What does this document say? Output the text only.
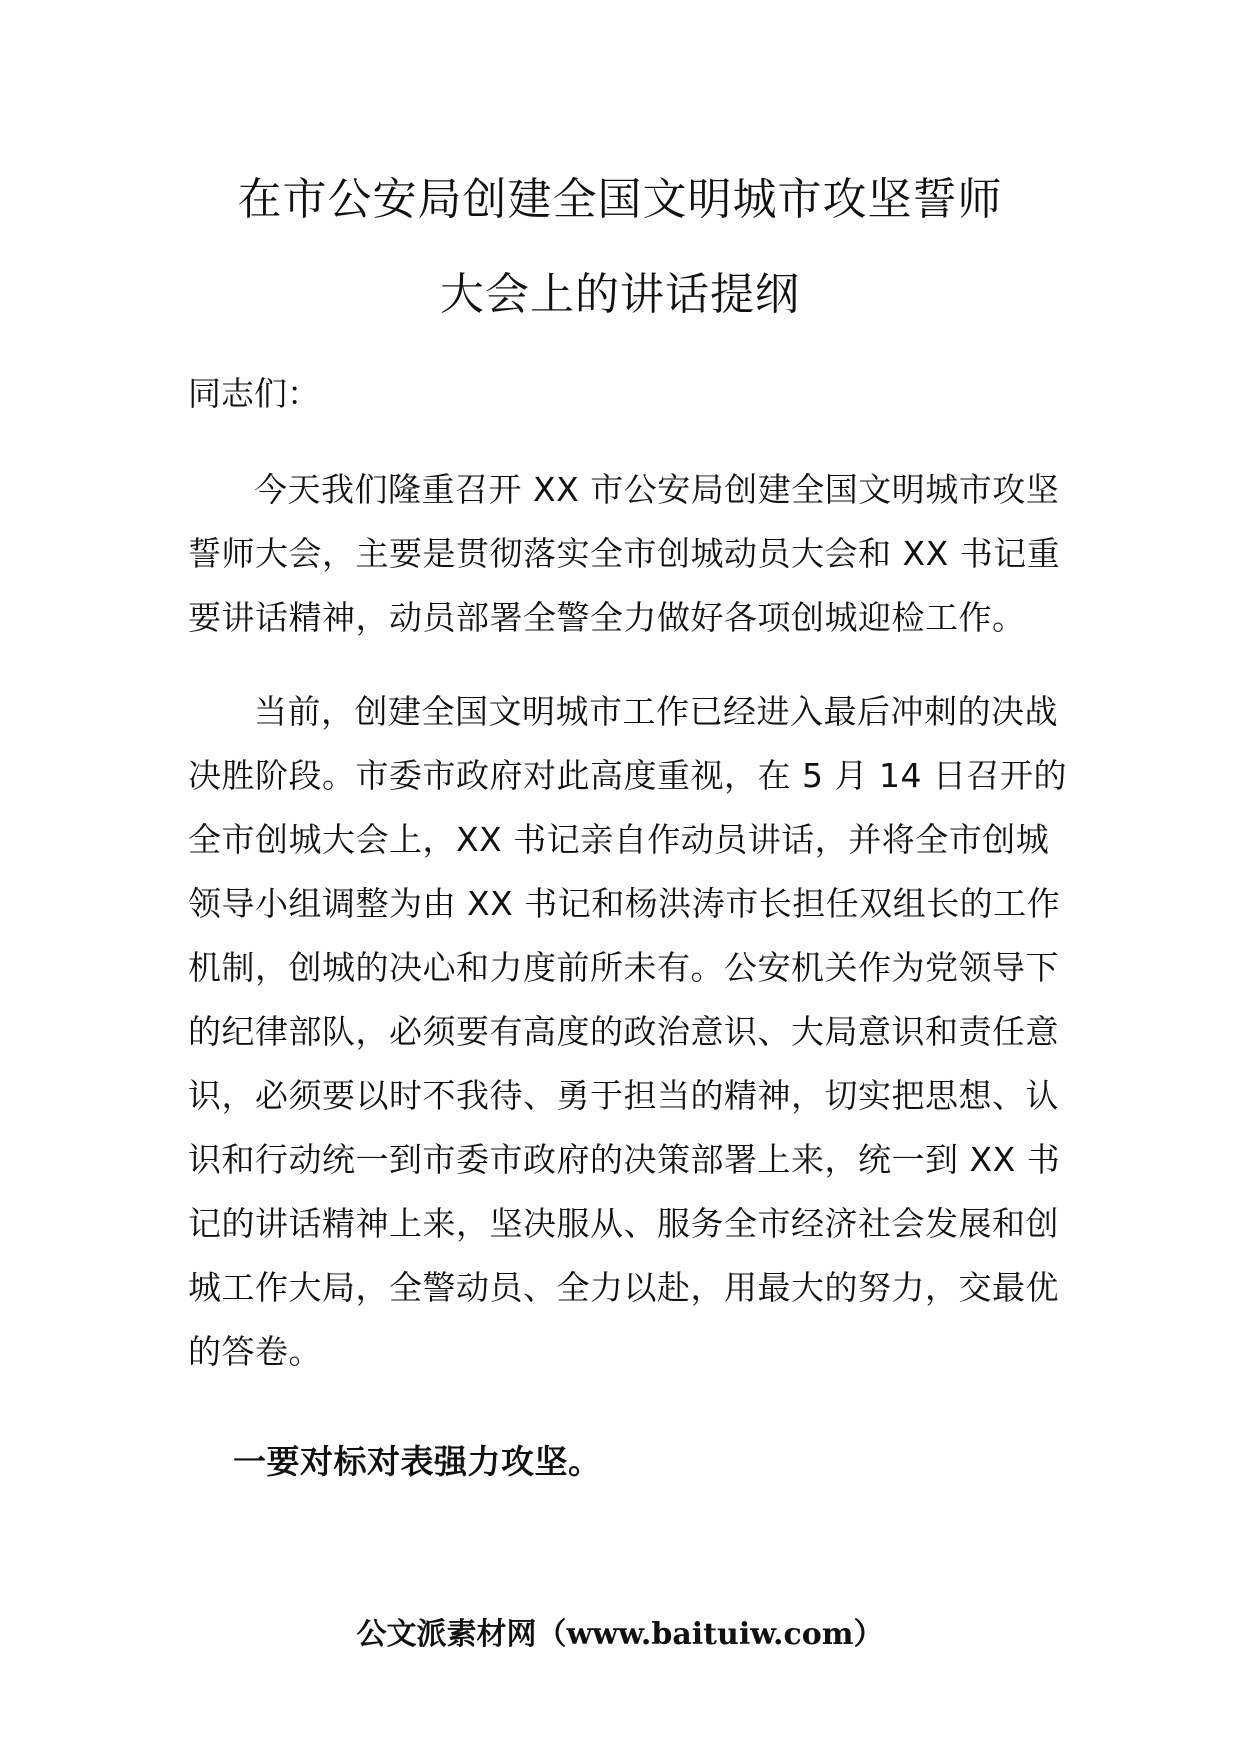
在市公安局创建全国文明城市攻坚誓师
大会上的讲话提纲
同志们：

今天我们隆重召开 XX 市公安局创建全国文明城市攻坚誓师大会，主要是贯彻落实全市创城动员大会和 XX 书记重要讲话精神，动员部署全警全力做好各项创城迎检工作。

当前，创建全国文明城市工作已经进入最后冲刺的决战决胜阶段。市委市政府对此高度重视，在 5 月 14 日召开的全市创城大会上，XX 书记亲自作动员讲话，并将全市创城领导小组调整为由 XX 书记和杨洪涛市长担任双组长的工作机制，创城的决心和力度前所未有。公安机关作为党领导下的纪律部队，必须要有高度的政治意识、大局意识和责任意识，必须要以时不我待、勇于担当的精神，切实把思想、认识和行动统一到市委市政府的决策部署上来，统一到 XX 书记的讲话精神上来，坚决服从、服务全市经济社会发展和创城工作大局，全警动员、全力以赴，用最大的努力，交最优的答卷。

一要对标对表强力攻坚。
公文派素材网（www.baituiw.com）
